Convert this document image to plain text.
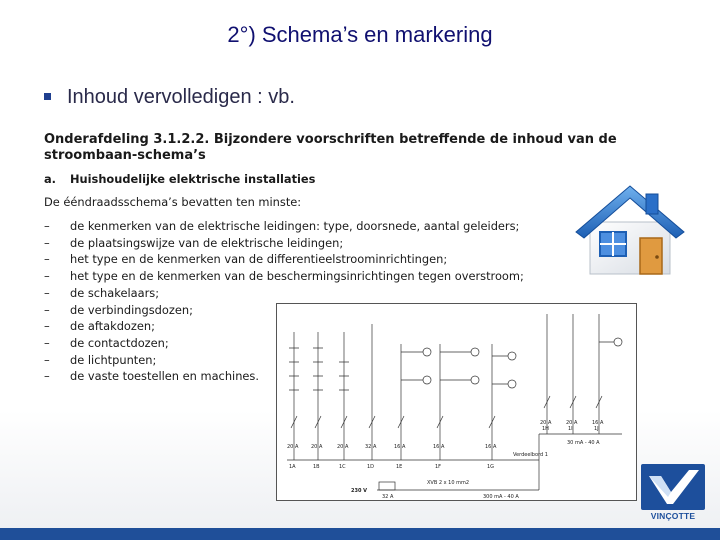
2°) Schema’s en markering
Inhoud vervolledigen : vb.
Onderafdeling 3.1.2.2. Bijzondere voorschriften betreffende de inhoud van de stroombaan-schema’s
a. Huishoudelijke elektrische installaties
De ééndraadsschema’s bevatten ten minste:
– de kenmerken van de elektrische leidingen: type, doorsnede, aantal geleiders;
– de plaatsingswijze van de elektrische leidingen;
– het type en de kenmerken van de differentieelstroominrichtingen;
– het type en de kenmerken van de beschermingsinrichtingen tegen overstroom;
– de schakelaars;
– de verbindingsdozen;
– de aftakdozen;
– de contactdozen;
– de lichtpunten;
– de vaste toestellen en machines.
20 A	20 A	20 A	32 A	16 A	16 A	16 A
20 A	20 A	16 A
1A	1B	1C	1D	1E	1F	1G
1H	1I	1J
Verdeelbord 1
230 V
32 A
XVB 2 x 10 mm2
300 mA - 40 A
30 mA - 40 A
VINÇOTTE
